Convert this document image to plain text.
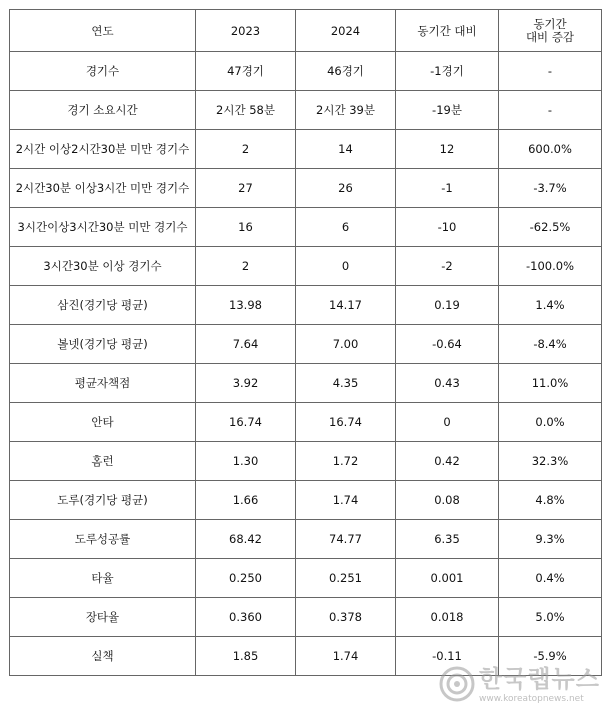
연도	2023	2024	동기간 대비	동기간
대비 증감
경기수	47경기	46경기	-1경기	-
경기 소요시간	2시간 58분	2시간 39분	-19분	-
2시간 이상2시간30분 미만 경기수	2	14	12	600.0%
2시간30분 이상3시간 미만 경기수	27	26	-1	-3.7%
3시간이상3시간30분 미만 경기수	16	6	-10	-62.5%
3시간30분 이상 경기수	2	0	-2	-100.0%
삼진(경기당 평균)	13.98	14.17	0.19	1.4%
볼넷(경기당 평균)	7.64	7.00	-0.64	-8.4%
평균자책점	3.92	4.35	0.43	11.0%
안타	16.74	16.74	0	0.0%
홈런	1.30	1.72	0.42	32.3%
도루(경기당 평균)	1.66	1.74	0.08	4.8%
도루성공률	68.42	74.77	6.35	9.3%
타율	0.250	0.251	0.001	0.4%
장타율	0.360	0.378	0.018	5.0%
실책	1.85	1.74	-0.11	-5.9%
한국랩뉴스
www.koreatopnews.net
